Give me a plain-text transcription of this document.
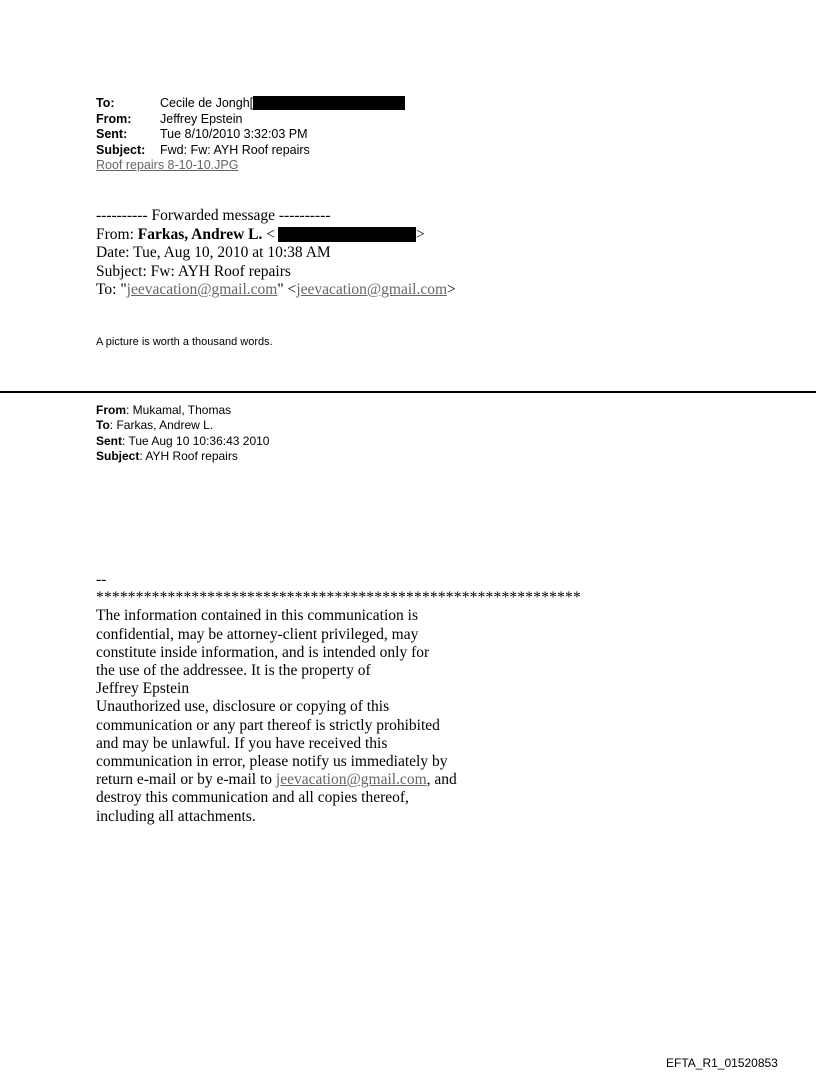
To:	Cecile de Jongh[
From:	Jeffrey Epstein
Sent:	Tue 8/10/2010 3:32:03 PM
Subject:	Fwd: Fw: AYH Roof repairs
Roof repairs 8-10-10.JPG
---------- Forwarded message ----------
From: Farkas, Andrew L. <	>
Date: Tue, Aug 10, 2010 at 10:38 AM
Subject: Fw: AYH Roof repairs
To: "jeevacation@gmail.com" <jeevacation@gmail.com>
A picture is worth a thousand words.
From: Mukamal, Thomas
To: Farkas, Andrew L.
Sent: Tue Aug 10 10:36:43 2010
Subject: AYH Roof repairs
--
*************************************************************
The information contained in this communication is
confidential, may be attorney-client privileged, may
constitute inside information, and is intended only for
the use of the addressee. It is the property of
Jeffrey Epstein
Unauthorized use, disclosure or copying of this
communication or any part thereof is strictly prohibited
and may be unlawful. If you have received this
communication in error, please notify us immediately by
return e-mail or by e-mail to jeevacation@gmail.com, and
destroy this communication and all copies thereof,
including all attachments.
EFTA_R1_01520853
